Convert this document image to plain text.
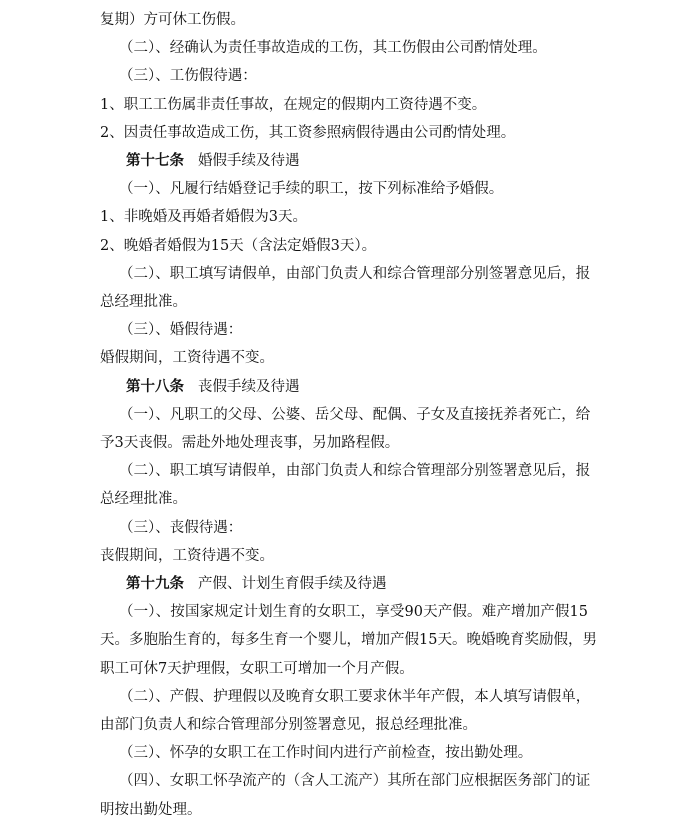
复期）方可休工伤假。
（二）、经确认为责任事故造成的工伤，其工伤假由公司酌情处理。
（三）、工伤假待遇：
1、职工工伤属非责任事故，在规定的假期内工资待遇不变。
2、因责任事故造成工伤，其工资参照病假待遇由公司酌情处理。
第十七条 婚假手续及待遇
（一）、凡履行结婚登记手续的职工，按下列标准给予婚假。
1、非晚婚及再婚者婚假为3天。
2、晚婚者婚假为15天（含法定婚假3天）。
（二）、职工填写请假单，由部门负责人和综合管理部分别签署意见后，报
总经理批准。
（三）、婚假待遇：
婚假期间，工资待遇不变。
第十八条 丧假手续及待遇
（一）、凡职工的父母、公婆、岳父母、配偶、子女及直接抚养者死亡，给
予3天丧假。需赴外地处理丧事，另加路程假。
（二）、职工填写请假单，由部门负责人和综合管理部分别签署意见后，报
总经理批准。
（三）、丧假待遇：
丧假期间，工资待遇不变。
第十九条 产假、计划生育假手续及待遇
（一）、按国家规定计划生育的女职工，享受90天产假。难产增加产假15
天。多胞胎生育的，每多生育一个婴儿，增加产假15天。晚婚晚育奖励假，男
职工可休7天护理假，女职工可增加一个月产假。
（二）、产假、护理假以及晚育女职工要求休半年产假，本人填写请假单，
由部门负责人和综合管理部分别签署意见，报总经理批准。
（三）、怀孕的女职工在工作时间内进行产前检查，按出勤处理。
（四）、女职工怀孕流产的（含人工流产）其所在部门应根据医务部门的证
明按出勤处理。
